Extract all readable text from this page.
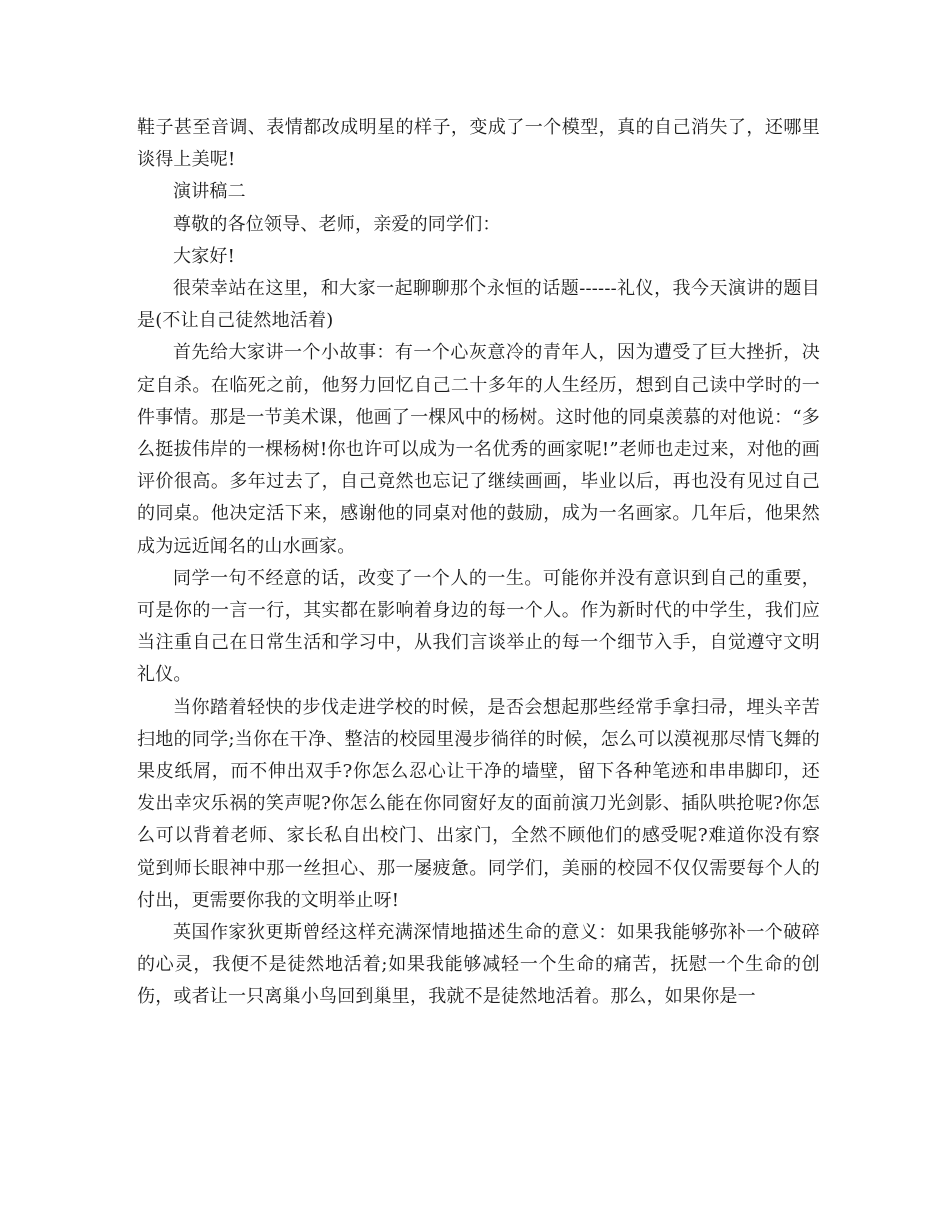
鞋子甚至音调、表情都改成明星的样子，变成了一个模型，真的自己消失了，还哪里谈得上美呢!

演讲稿二

尊敬的各位领导、老师，亲爱的同学们：

大家好!

很荣幸站在这里，和大家一起聊聊那个永恒的话题------礼仪，我今天演讲的题目是(不让自己徒然地活着)

首先给大家讲一个小故事：有一个心灰意冷的青年人，因为遭受了巨大挫折，决定自杀。在临死之前，他努力回忆自己二十多年的人生经历，想到自己读中学时的一件事情。那是一节美术课，他画了一棵风中的杨树。这时他的同桌羡慕的对他说：“多么挺拔伟岸的一棵杨树!你也许可以成为一名优秀的画家呢!”老师也走过来，对他的画评价很高。多年过去了，自己竟然也忘记了继续画画，毕业以后，再也没有见过自己的同桌。他决定活下来，感谢他的同桌对他的鼓励，成为一名画家。几年后，他果然成为远近闻名的山水画家。

同学一句不经意的话，改变了一个人的一生。可能你并没有意识到自己的重要，可是你的一言一行，其实都在影响着身边的每一个人。作为新时代的中学生，我们应当注重自己在日常生活和学习中，从我们言谈举止的每一个细节入手，自觉遵守文明礼仪。

当你踏着轻快的步伐走进学校的时候，是否会想起那些经常手拿扫帚，埋头辛苦扫地的同学;当你在干净、整洁的校园里漫步徜徉的时候，怎么可以漠视那尽情飞舞的果皮纸屑，而不伸出双手?你怎么忍心让干净的墙壁，留下各种笔迹和串串脚印，还发出幸灾乐祸的笑声呢?你怎么能在你同窗好友的面前演刀光剑影、插队哄抢呢?你怎么可以背着老师、家长私自出校门、出家门，全然不顾他们的感受呢?难道你没有察觉到师长眼神中那一丝担心、那一屡疲惫。同学们，美丽的校园不仅仅需要每个人的付出，更需要你我的文明举止呀!

英国作家狄更斯曾经这样充满深情地描述生命的意义：如果我能够弥补一个破碎的心灵，我便不是徒然地活着;如果我能够减轻一个生命的痛苦，抚慰一个生命的创伤，或者让一只离巢小鸟回到巢里，我就不是徒然地活着。那么，如果你是一
